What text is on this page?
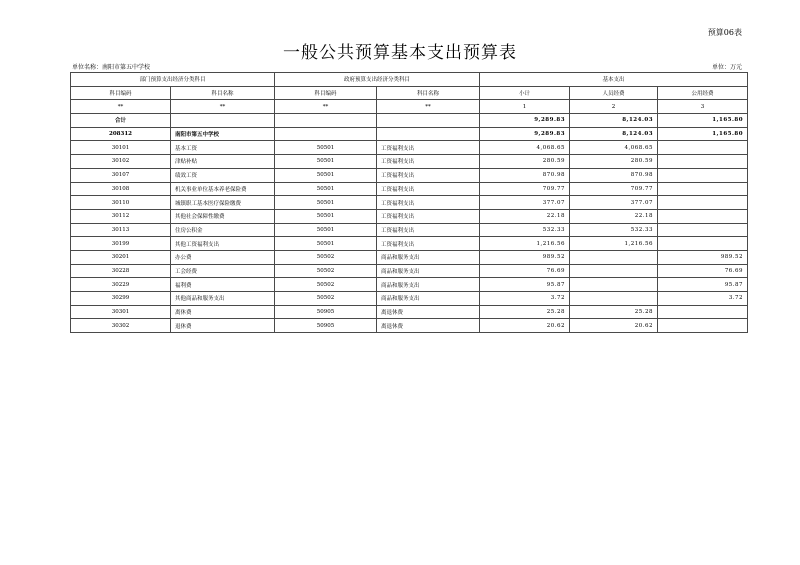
预算06表
一般公共预算基本支出预算表
单位名称：南阳市第五中学校	单位：万元
部门预算支出经济分类科目		政府预算支出经济分类科目		基本支出		
科目编码	科目名称	科目编码	科目名称	小计	人员经费	公用经费
**	**	**	**	1	2	3
合计				9,289.83	8,124.03	1,165.80
208312	南阳市第五中学校			9,289.83	8,124.03	1,165.80
30101	基本工资	50501	工资福利支出	4,068.65	4,068.65	
30102	津贴补贴	50501	工资福利支出	280.59	280.59	
30107	绩效工资	50501	工资福利支出	870.98	870.98	
30108	机关事业单位基本养老保险费	50501	工资福利支出	709.77	709.77	
30110	城镇职工基本医疗保险缴费	50501	工资福利支出	377.07	377.07	
30112	其他社会保障性缴费	50501	工资福利支出	22.18	22.18	
30113	住房公积金	50501	工资福利支出	532.33	532.33	
30199	其他工资福利支出	50501	工资福利支出	1,216.56	1,216.56	
30201	办公费	50502	商品和服务支出	989.52		989.52
30228	工会经费	50502	商品和服务支出	76.69		76.69
30229	福利费	50502	商品和服务支出	95.87		95.87
30299	其他商品和服务支出	50502	商品和服务支出	3.72		3.72
30301	离休费	50905	离退休费	25.28	25.28	
30302	退休费	50905	离退休费	20.62	20.62	
